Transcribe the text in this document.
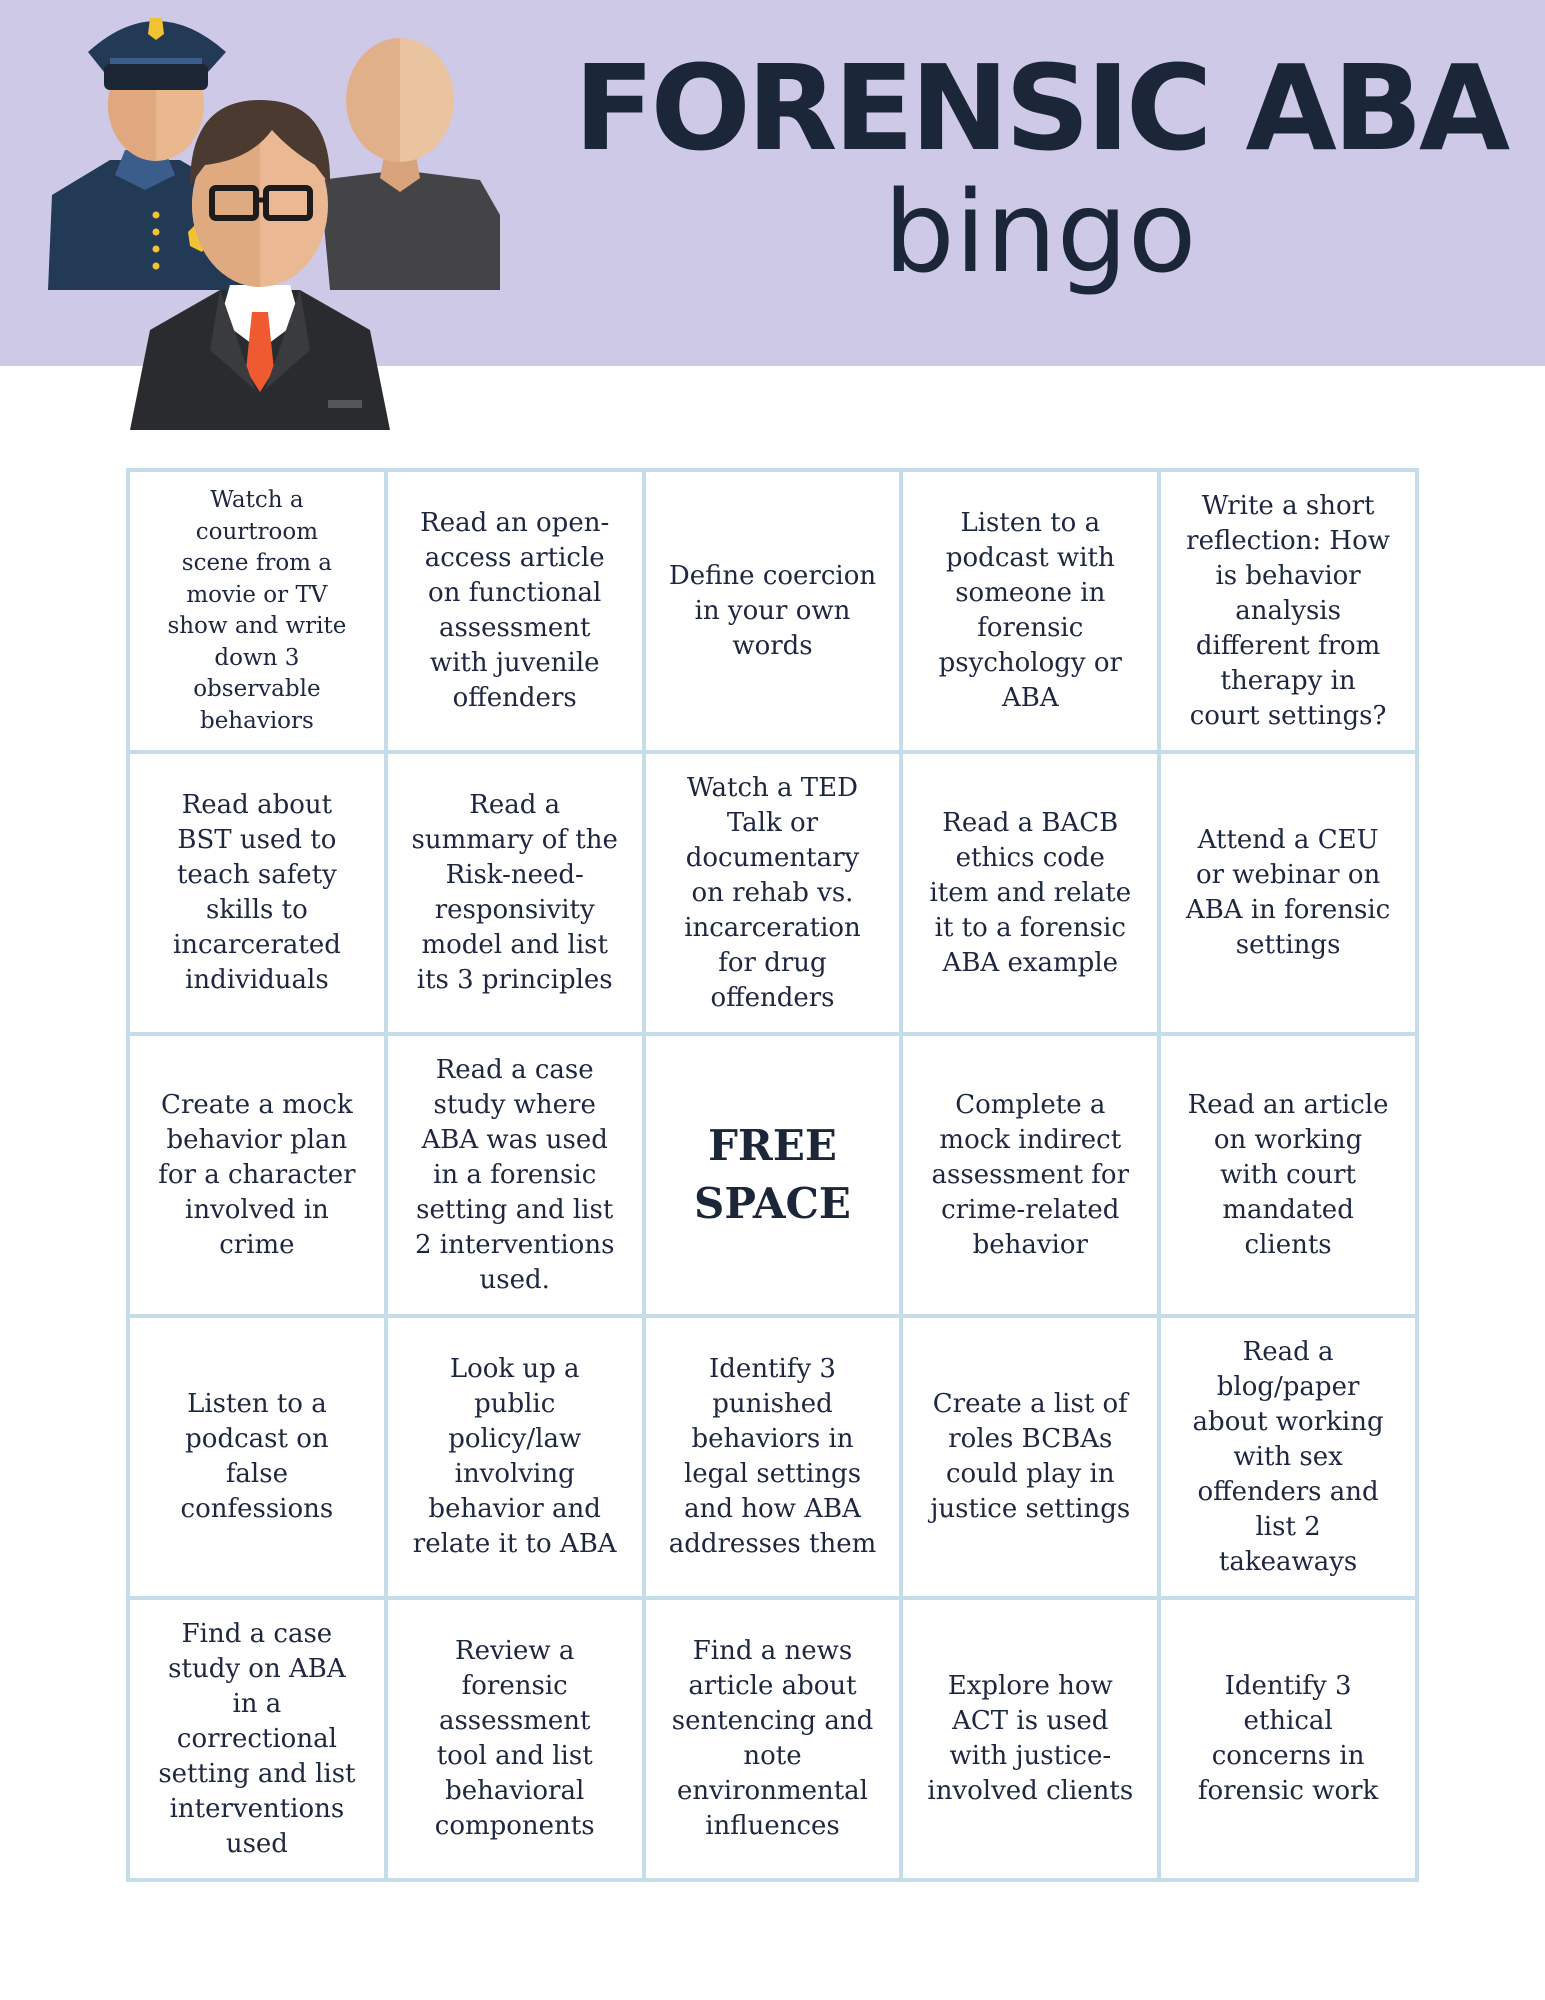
FORENSIC ABA
bingo
Watch a courtroom scene from a movie or TV show and write down 3 observable behaviors
Read an open-access article on functional assessment with juvenile offenders
Define coercion in your own words
Listen to a podcast with someone in forensic psychology or ABA
Write a short reflection: How is behavior analysis different from therapy in court settings?
Read about BST used to teach safety skills to incarcerated individuals
Read a summary of the Risk-need-responsivity model and list its 3 principles
Watch a TED Talk or documentary on rehab vs. incarceration for drug offenders
Read a BACB ethics code item and relate it to a forensic ABA example
Attend a CEU or webinar on ABA in forensic settings
Create a mock behavior plan for a character involved in crime
Read a case study where ABA was used in a forensic setting and list 2 interventions used.
FREE SPACE
Complete a mock indirect assessment for crime-related behavior
Read an article on working with court mandated clients
Listen to a podcast on false confessions
Look up a public policy/law involving behavior and relate it to ABA
Identify 3 punished behaviors in legal settings and how ABA addresses them
Create a list of roles BCBAs could play in justice settings
Read a blog/paper about working with sex offenders and list 2 takeaways
Find a case study on ABA in a correctional setting and list interventions used
Review a forensic assessment tool and list behavioral components
Find a news article about sentencing and note environmental influences
Explore how ACT is used with justice-involved clients
Identify 3 ethical concerns in forensic work
